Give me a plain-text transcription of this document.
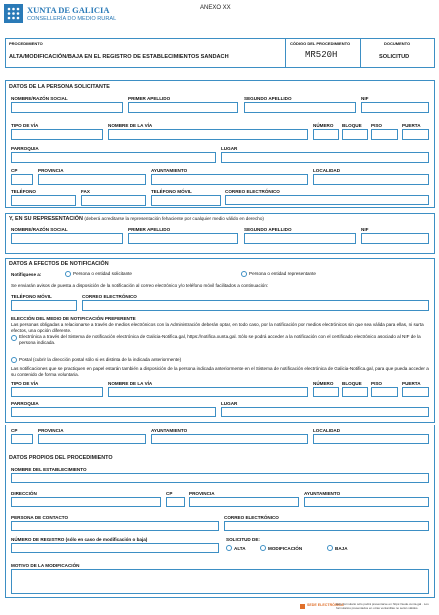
XUNTA DE GALICIA
CONSELLERÍA DO MEDIO RURAL
ANEXO XX
PROCEDIMIENTO
ALTA/MODIFICACIÓN/BAJA EN EL REGISTRO DE ESTABLECIMIENTOS SANDACH
CÓDIGO DEL PROCEDIMIENTO
MR520H
DOCUMENTO
SOLICITUD
DATOS DE LA PERSONA SOLICITANTE
NOMBRE/RAZÓN SOCIAL	PRIMER APELLIDO	SEGUNDO APELLIDO	NIF
TIPO DE VÍA	NOMBRE DE LA VÍA	NÚMERO BLOQUE PISO	PUERTA
PARROQUIA	LUGAR
CP	PROVINCIA	AYUNTAMIENTO	LOCALIDAD
TELÉFONO	FAX	TELÉFONO MÓVIL	CORREO ELECTRÓNICO
Y, EN SU REPRESENTACIÓN (deberá acreditarse la representación fehaciente por cualquier medio válido en derecho)
NOMBRE/RAZÓN SOCIAL	PRIMER APELLIDO	SEGUNDO APELLIDO	NIF
DATOS A EFECTOS DE NOTIFICACIÓN
Notifíquese a:	Persona o entidad solicitante	Persona o entidad representante
Se enviarán avisos de puesta a disposición de la notificación al correo electrónico y/o teléfono móvil facilitados a continuación:
TELÉFONO MÓVIL	CORREO ELECTRÓNICO
ELECCIÓN DEL MEDIO DE NOTIFICACIÓN PREFERENTE
Las personas obligadas a relacionarse a través de medios electrónicos con la Administración deberán optar, en todo caso, por la notificación por medios electrónicos sin que sea válida para ellas, ni surta efectos, una opción diferente.
Electrónica a través del Sistema de notificación electrónica de Galicia-Notifica.gal, https://notifica.xunta.gal. Sólo se podrá acceder a la notificación con el certificado electrónico asociado al NIF de la persona indicada.
Postal (cubrir la dirección postal sólo si es distinta de la indicada anteriormente)
Las notificaciones que se practiquen en papel estarán también a disposición de la persona indicada anteriormente en el Sistema de notificación electrónica de Galicia-Notifica.gal, para que pueda acceder a su contenido de forma voluntaria.
TIPO DE VÍA	NOMBRE DE LA VÍA	NÚMERO BLOQUE PISO	PUERTA
PARROQUIA	LUGAR
CP	PROVINCIA	AYUNTAMIENTO	LOCALIDAD
DATOS PROPIOS DEL PROCEDIMIENTO
NOMBRE DEL ESTABLECIMIENTO
DIRECCIÓN	CP	PROVINCIA	AYUNTAMIENTO
PERSONA DE CONTACTO	CORREO ELECTRÓNICO
NÚMERO DE REGISTRO (sólo en caso de modificación o baja)	SOLICITUD DE:
ALTA	MODIFICACIÓN	BAJA
MOTIVO DE LA MODIFICACIÓN
SEDE ELECTRÓNICA
Este formulario sólo podrá presentarse en https://sede.xunta.gal · Los formularios presentados en otras ventanillas no serán válidos.
